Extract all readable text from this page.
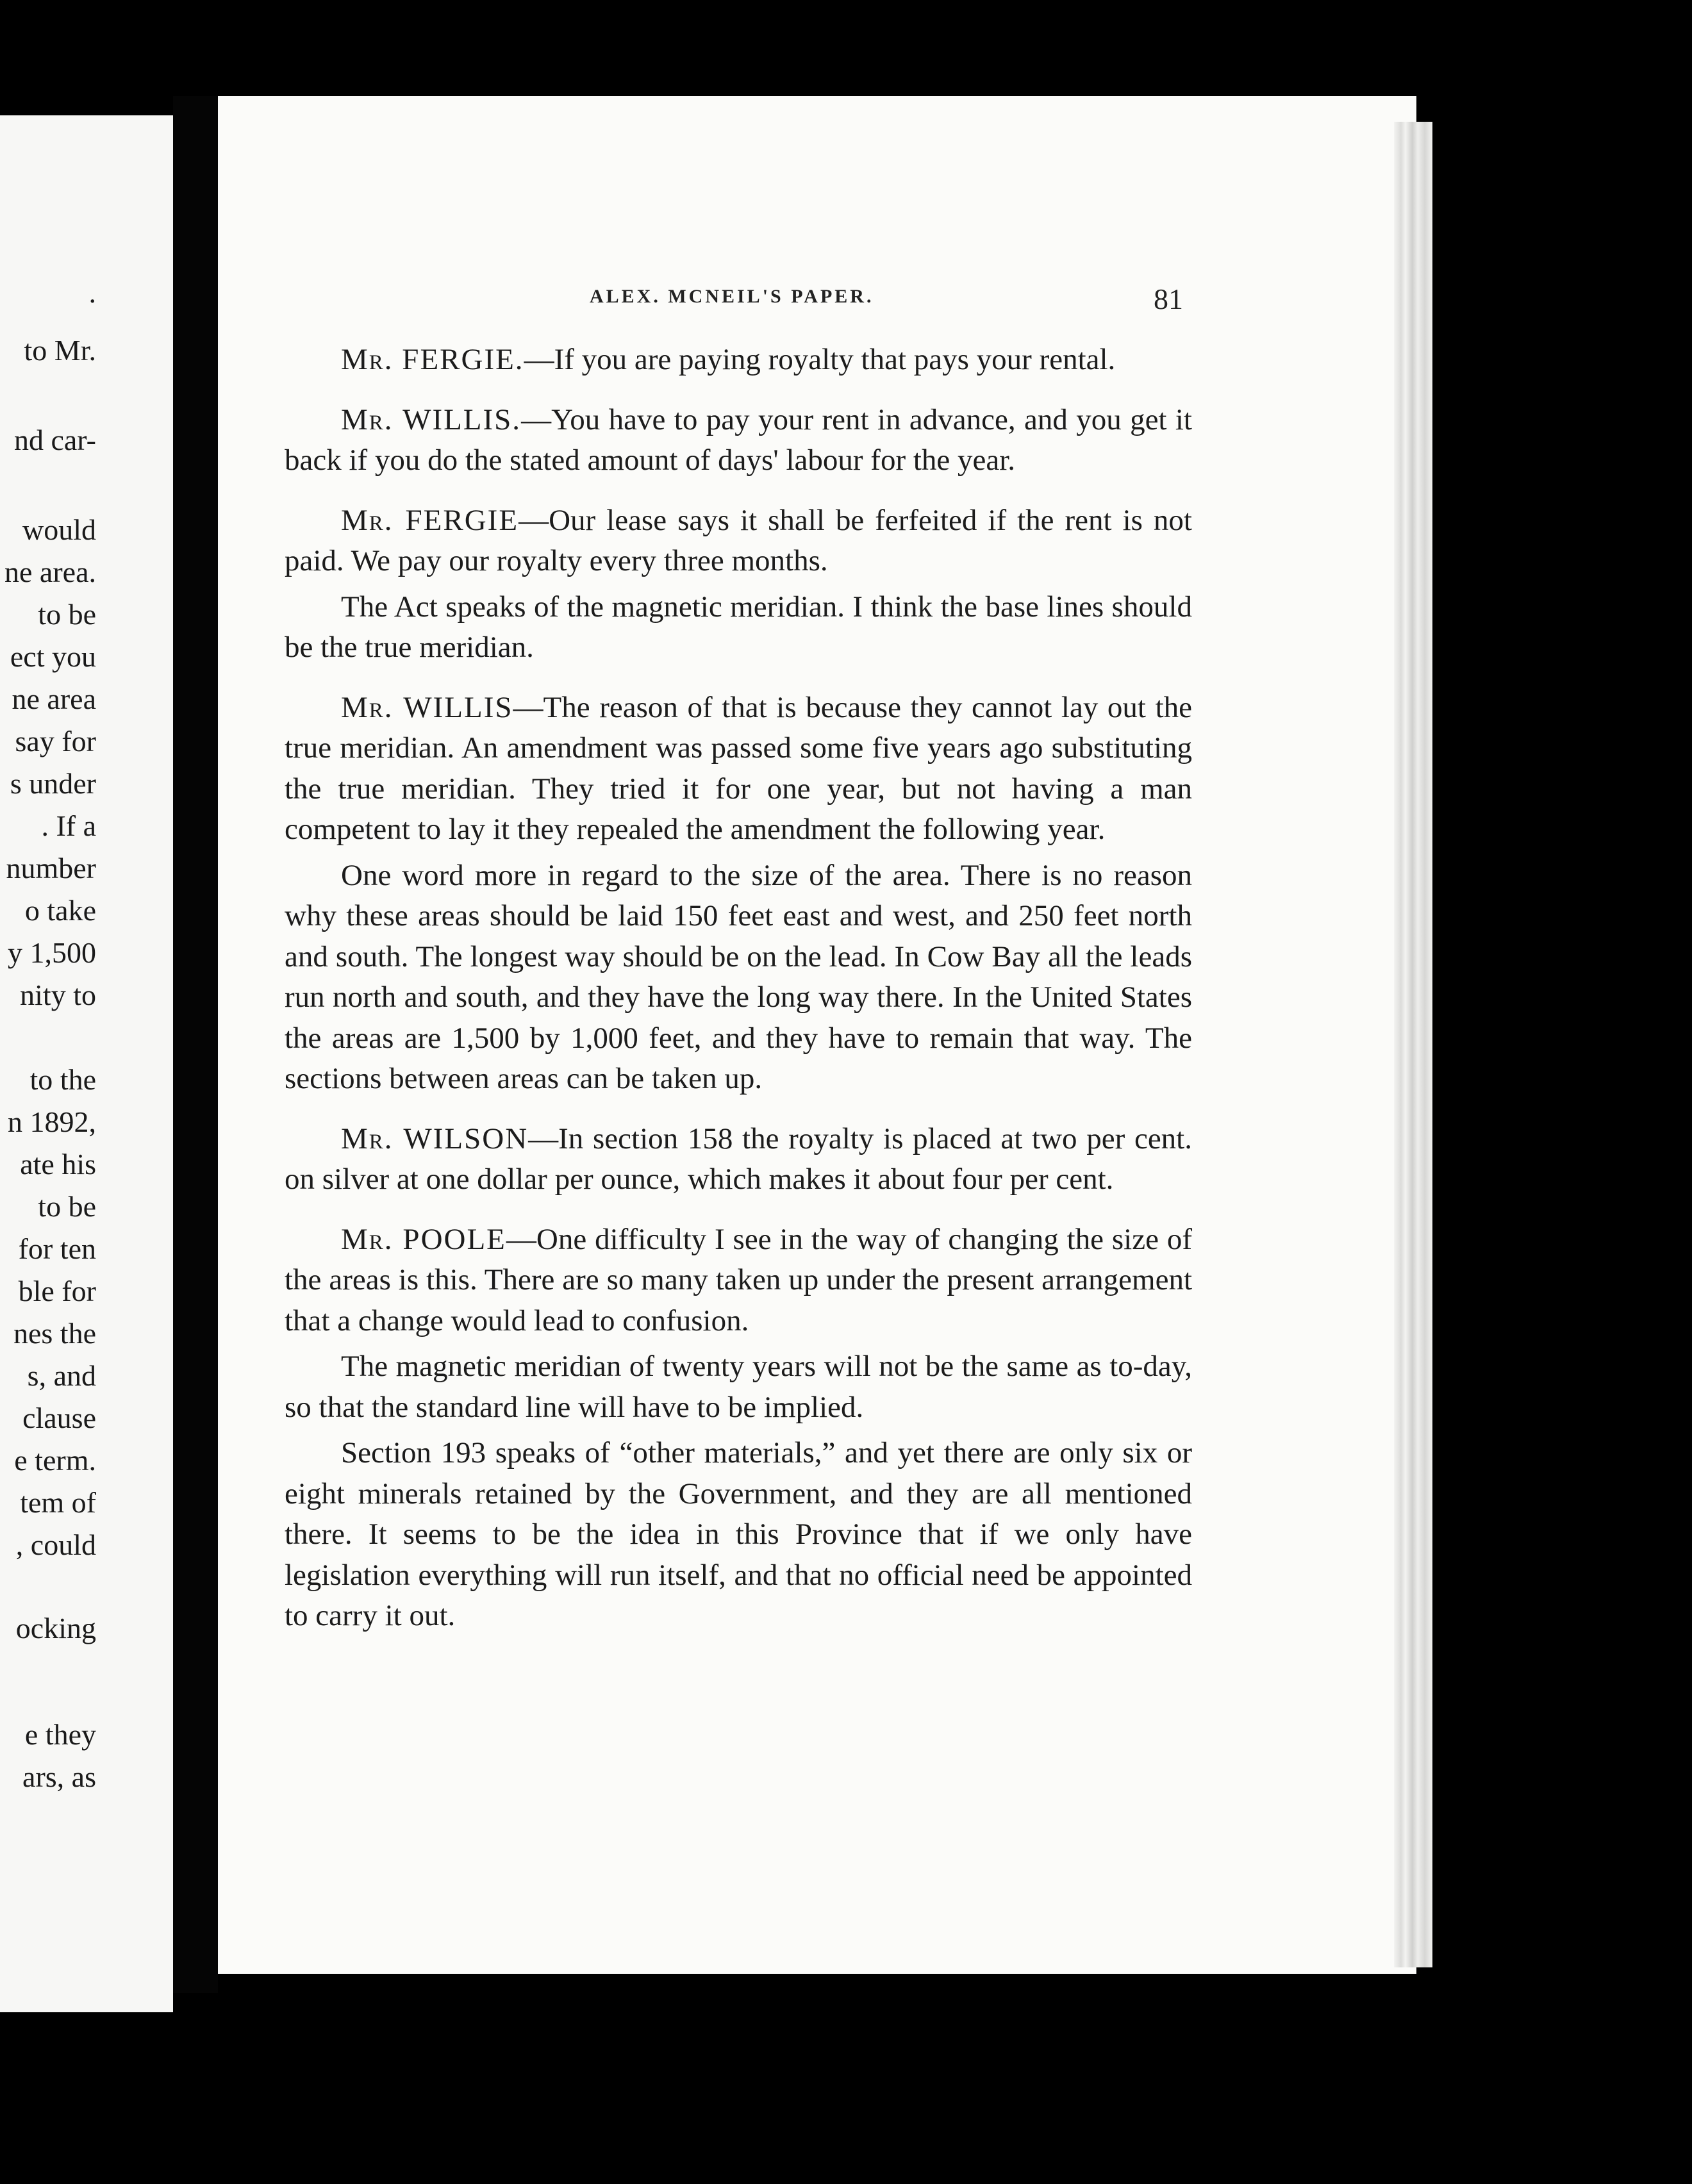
.
to Mr.
nd car-
would
ne area.
to be
ect you
ne area
say for
s under
. If a
number
o take
y 1,500
nity to
to the
n 1892,
ate his
to be
for ten
ble for
nes the
s, and
clause
e term.
tem of
, could
ocking
e they
ars, as
ALEX. MCNEIL'S PAPER.	81

Mr. FERGIE.—If you are paying royalty that pays your rental.

Mr. WILLIS.—You have to pay your rent in advance, and you get it back if you do the stated amount of days' labour for the year.

Mr. FERGIE—Our lease says it shall be ferfeited if the rent is not paid. We pay our royalty every three months.

The Act speaks of the magnetic meridian. I think the base lines should be the true meridian.

Mr. WILLIS—The reason of that is because they cannot lay out the true meridian. An amendment was passed some five years ago substituting the true meridian. They tried it for one year, but not having a man competent to lay it they repealed the amendment the following year.

One word more in regard to the size of the area. There is no reason why these areas should be laid 150 feet east and west, and 250 feet north and south. The longest way should be on the lead. In Cow Bay all the leads run north and south, and they have the long way there. In the United States the areas are 1,500 by 1,000 feet, and they have to remain that way. The sections between areas can be taken up.

Mr. WILSON—In section 158 the royalty is placed at two per cent. on silver at one dollar per ounce, which makes it about four per cent.

Mr. POOLE—One difficulty I see in the way of changing the size of the areas is this. There are so many taken up under the present arrangement that a change would lead to confusion.

The magnetic meridian of twenty years will not be the same as to-day, so that the standard line will have to be implied.

Section 193 speaks of “other materials,” and yet there are only six or eight minerals retained by the Government, and they are all mentioned there. It seems to be the idea in this Province that if we only have legislation everything will run itself, and that no official need be appointed to carry it out.
